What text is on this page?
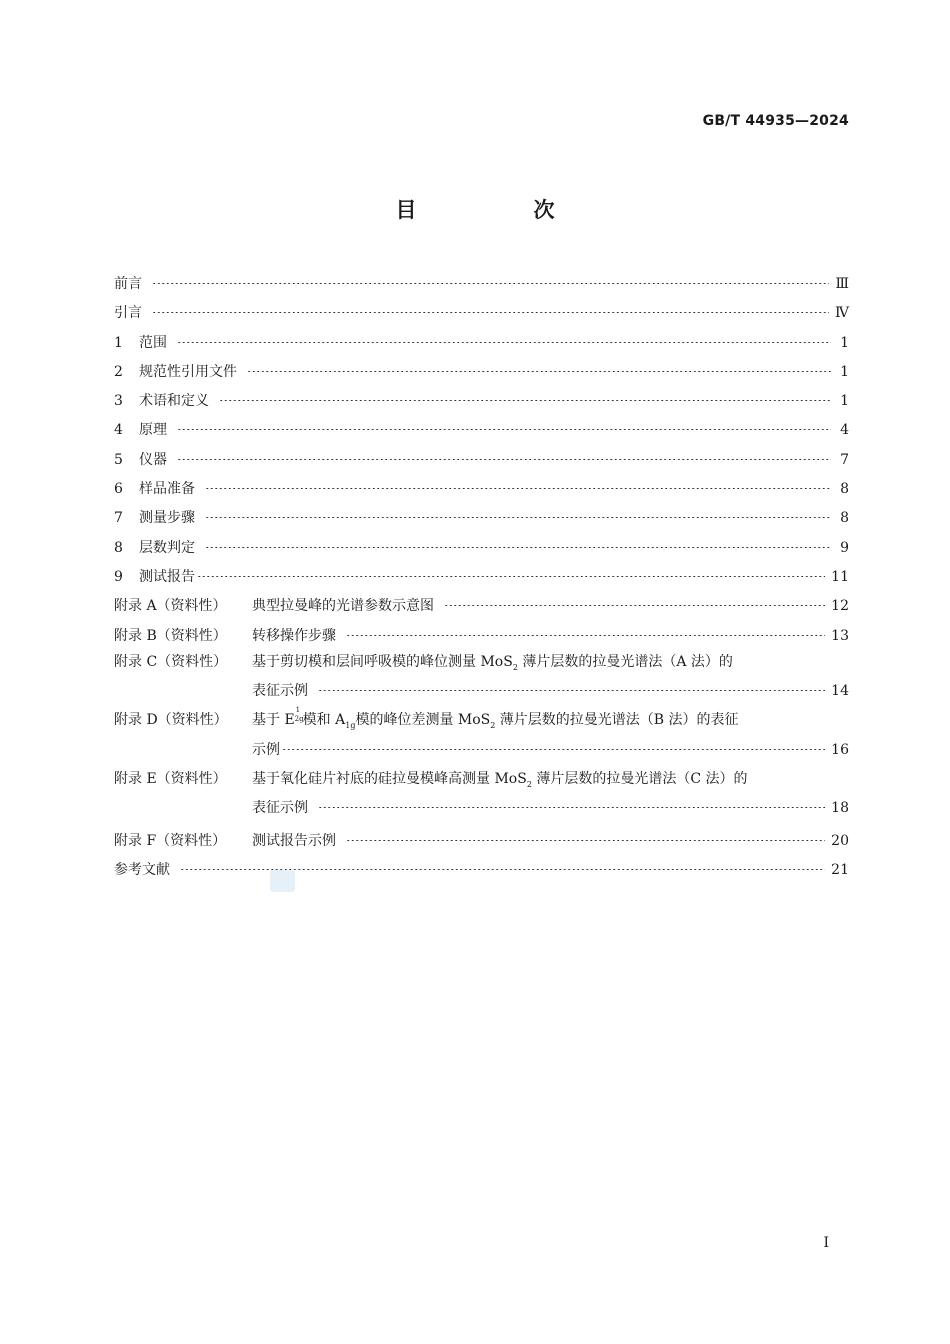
GB/T 44935—2024
目　次
前言	Ⅲ
引言	Ⅳ
1	范围	1
2	规范性引用文件	1
3	术语和定义	1
4	原理	4
5	仪器	7
6	样品准备	8
7	测量步骤	8
8	层数判定	9
9	测试报告	11
附录 A（资料性）	典型拉曼峰的光谱参数示意图	12
附录 B（资料性）	转移操作步骤	13
附录 C（资料性）	基于剪切模和层间呼吸模的峰位测量 MoS$_2$ 薄片层数的拉曼光谱法（A 法）的
表征示例	14
附录 D（资料性）	基于 E
1
2g 模和 $A_{1g}$模的峰位差测量 MoS$_2$ 薄片层数的拉曼光谱法（B 法）的表征
示例	16
附录 E（资料性）	基于氧化硅片衬底的硅拉曼模峰高测量 MoS$_2$ 薄片层数的拉曼光谱法（C 法）的
表征示例	18
附录 F（资料性）	测试报告示例	20
参考文献	21
I
